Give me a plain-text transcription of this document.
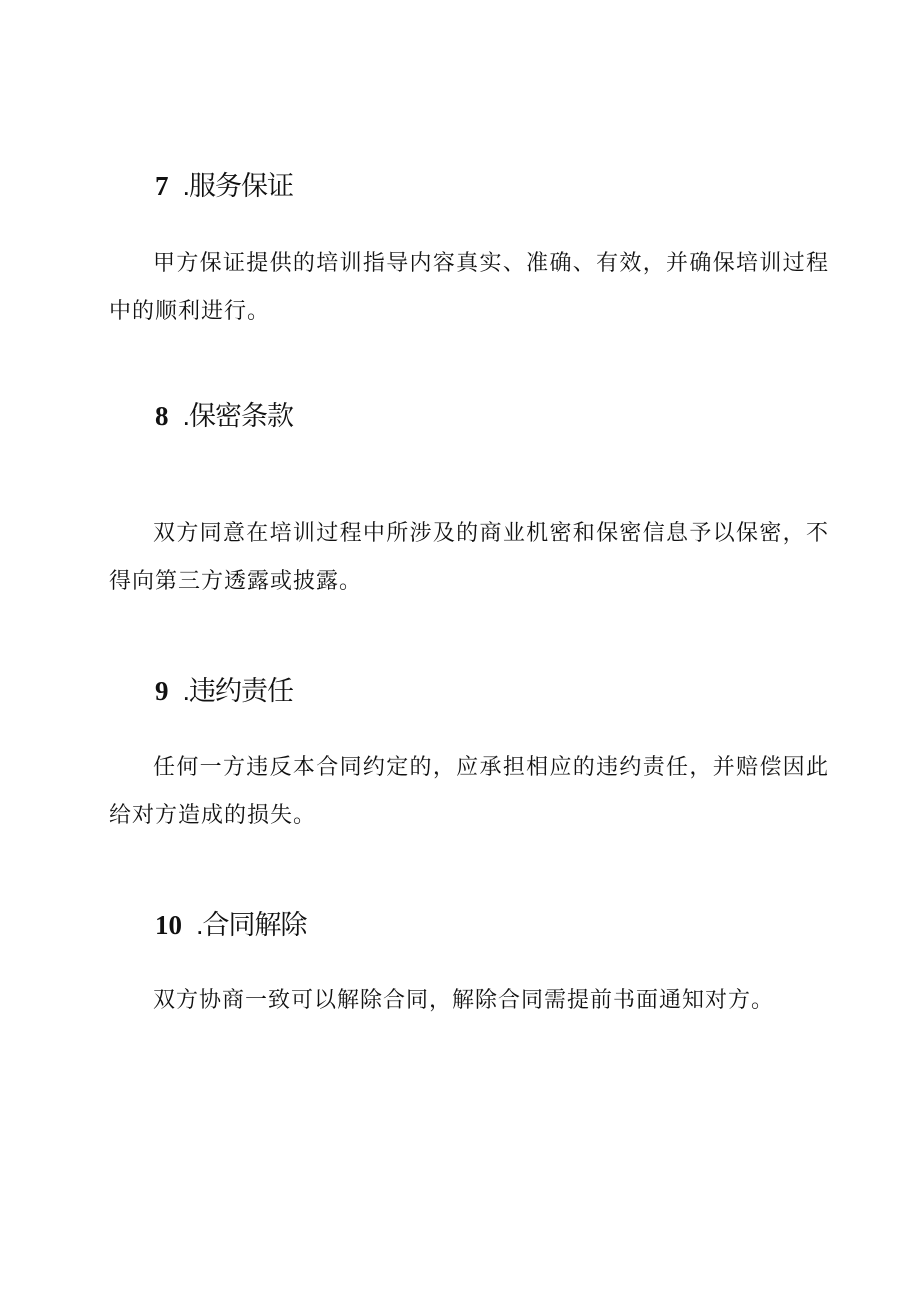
7 .服务保证
甲方保证提供的培训指导内容真实、准确、有效，并确保培训过程中的顺利进行。
8 .保密条款
双方同意在培训过程中所涉及的商业机密和保密信息予以保密，不得向第三方透露或披露。
9 .违约责任
任何一方违反本合同约定的，应承担相应的违约责任，并赔偿因此给对方造成的损失。
10 .合同解除
双方协商一致可以解除合同，解除合同需提前书面通知对方。
